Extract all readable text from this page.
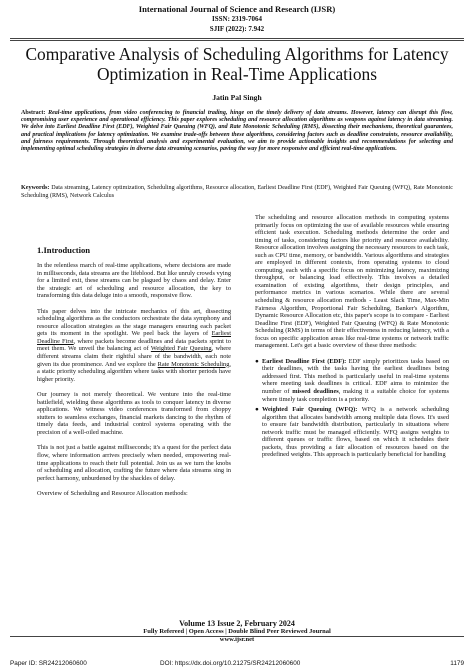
International Journal of Science and Research (IJSR)
ISSN: 2319-7064
SJIF (2022): 7.942
Comparative Analysis of Scheduling Algorithms for Latency Optimization in Real-Time Applications
Jatin Pal Singh
Abstract: Real-time applications, from video conferencing to financial trading, hinge on the timely delivery of data streams. However, latency can disrupt this flow, compromising user experience and operational efficiency. This paper explores scheduling and resource allocation algorithms as weapons against latency in data streaming. We delve into Earliest Deadline First (EDF), Weighted Fair Queuing (WFQ), and Rate Monotonic Scheduling (RMS), dissecting their mechanisms, theoretical guarantees, and practical implications for latency optimization. We examine trade-offs between these algorithms, considering factors such as deadline constraints, resource availability, and fairness requirements. Through theoretical analysis and experimental evaluation, we aim to provide actionable insights and recommendations for selecting and implementing optimal scheduling strategies in diverse data streaming scenarios, paving the way for more responsive and efficient real-time applications.
Keywords: Data streaming, Latency optimization, Scheduling algorithms, Resource allocation, Earliest Deadline First (EDF), Weighted Fair Queuing (WFQ), Rate Monotonic Scheduling (RMS), Network Calculus
1.Introduction

In the relentless march of real-time applications, where decisions are made in milliseconds, data streams are the lifeblood. But like unruly crowds vying for a limited exit, these streams can be plagued by chaos and delay. Enter the strategic art of scheduling and resource allocation, the key to transforming this data deluge into a smooth, responsive flow.

This paper delves into the intricate mechanics of this art, dissecting scheduling algorithms as the conductors orchestrate the data symphony and resource allocation strategies as the stage managers ensuring each packet gets its moment in the spotlight. We peel back the layers of Earliest Deadline First, where packets become deadlines and data packets sprint to meet them. We unveil the balancing act of Weighted Fair Queuing, where different streams claim their rightful share of the bandwidth, each note given its due prominence. And we explore the Rate Monotonic Scheduling, a static priority scheduling algorithm where tasks with shorter periods have higher priority.

Our journey is not merely theoretical. We venture into the real-time battlefield, wielding these algorithms as tools to conquer latency in diverse applications. We witness video conferences transformed from choppy stutters to seamless exchanges, financial markets dancing to the rhythm of timely data feeds, and industrial control systems operating with the precision of a well-oiled machine.

This is not just a battle against milliseconds; it's a quest for the perfect data flow, where information arrives precisely when needed, empowering real-time applications to reach their full potential. Join us as we turn the knobs of scheduling and allocation, crafting the future where data streams sing in perfect harmony, unburdened by the shackles of delay.

Overview of Scheduling and Resource Allocation methods:

The scheduling and resource allocation methods in computing systems primarily focus on optimizing the use of available resources while ensuring efficient task execution. Scheduling methods determine the order and timing of tasks, considering factors like priority and resource availability. Resource allocation involves assigning the necessary resources to each task, such as CPU time, memory, or bandwidth. Various algorithms and strategies are employed in different contexts, from operating systems to cloud computing, each with a specific focus on minimizing latency, maximizing throughput, or balancing load effectively. This involves a detailed examination of existing algorithms, their design principles, and performance metrics in various scenarios. While there are several scheduling & resource allocation methods - Least Slack Time, Max-Min Fairness Algorithm, Proportional Fair Scheduling, Banker's Algorithm, Dynamic Resource Allocation etc, this paper's scope is to compare - Earliest Deadline First (EDF), Weighted Fair Queuing (WFQ) & Rate Monotonic Scheduling (RMS) in terms of their effectiveness in reducing latency, with a focus on specific application areas like real-time systems or network traffic management. Let's get a basic overview of these three methods:

● Earliest Deadline First (EDF): EDF simply prioritizes tasks based on their deadlines, with the tasks having the earliest deadlines being addressed first. This method is particularly useful in real-time systems where meeting task deadlines is critical. EDF aims to minimize the number of missed deadlines, making it a suitable choice for systems where timely task completion is a priority.
● Weighted Fair Queuing (WFQ): WFQ is a network scheduling algorithm that allocates bandwidth among multiple data flows. It's used to ensure fair bandwidth distribution, particularly in situations where network traffic must be managed efficiently. WFQ assigns weights to different queues or traffic flows, based on which it schedules their packets, thus providing a fair allocation of resources based on the predefined weights. This approach is particularly beneficial for handling
Volume 13 Issue 2, February 2024
Fully Refereed | Open Access | Double Blind Peer Reviewed Journal
www.ijsr.net
Paper ID: SR24212060600	DOI: https://dx.doi.org/10.21275/SR24212060600	1179
